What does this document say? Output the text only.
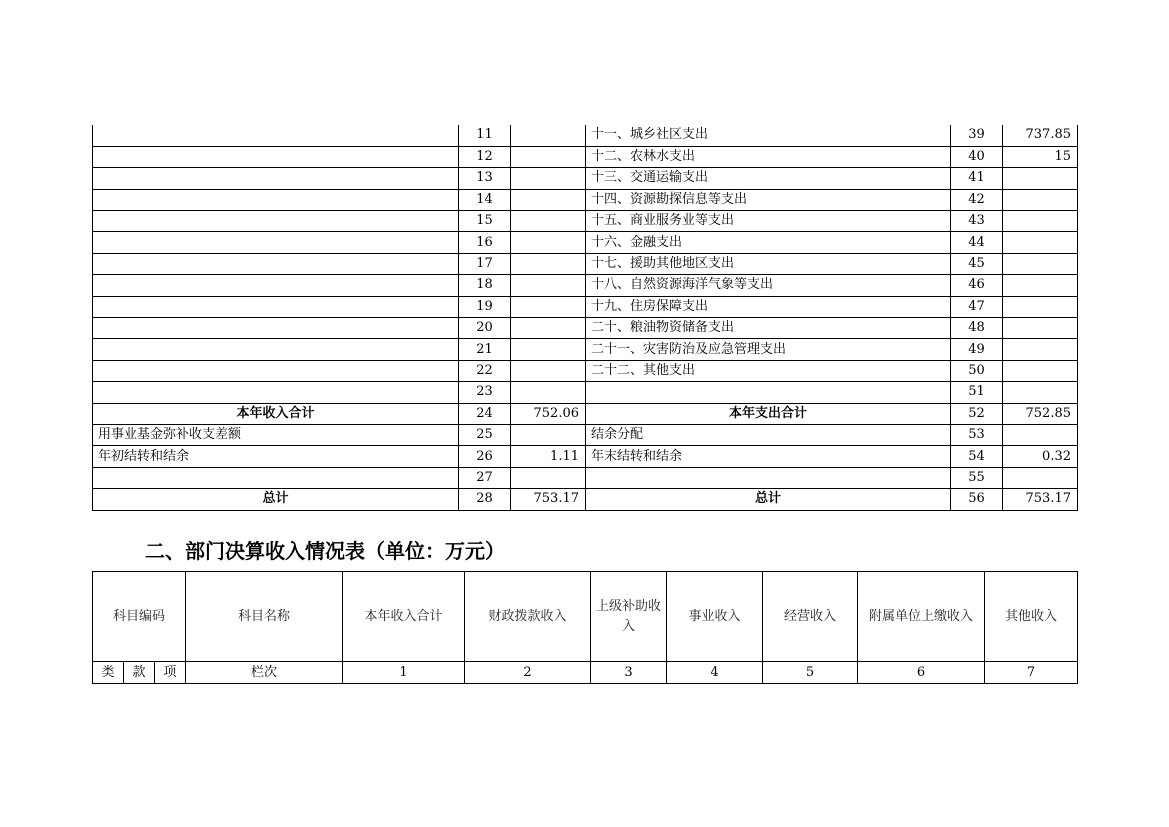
	11		十一、城乡社区支出	39	737.85
	12		十二、农林水支出	40	15
	13		十三、交通运输支出	41	
	14		十四、资源勘探信息等支出	42	
	15		十五、商业服务业等支出	43	
	16		十六、金融支出	44	
	17		十七、援助其他地区支出	45	
	18		十八、自然资源海洋气象等支出	46	
	19		十九、住房保障支出	47	
	20		二十、粮油物资储备支出	48	
	21		二十一、灾害防治及应急管理支出	49	
	22		二十二、其他支出	50	
	23			51	
本年收入合计	24	752.06	本年支出合计	52	752.85
用事业基金弥补收支差额	25		结余分配	53	
年初结转和结余	26	1.11	年末结转和结余	54	0.32
	27			55	
总计	28	753.17	总计	56	753.17
二、部门决算收入情况表（单位：万元）
科目编码			科目名称	本年收入合计	财政拨款收入	上级补助收入	事业收入	经营收入	附属单位上缴收入	其他收入
类	款	项	栏次	1	2	3	4	5	6	7
